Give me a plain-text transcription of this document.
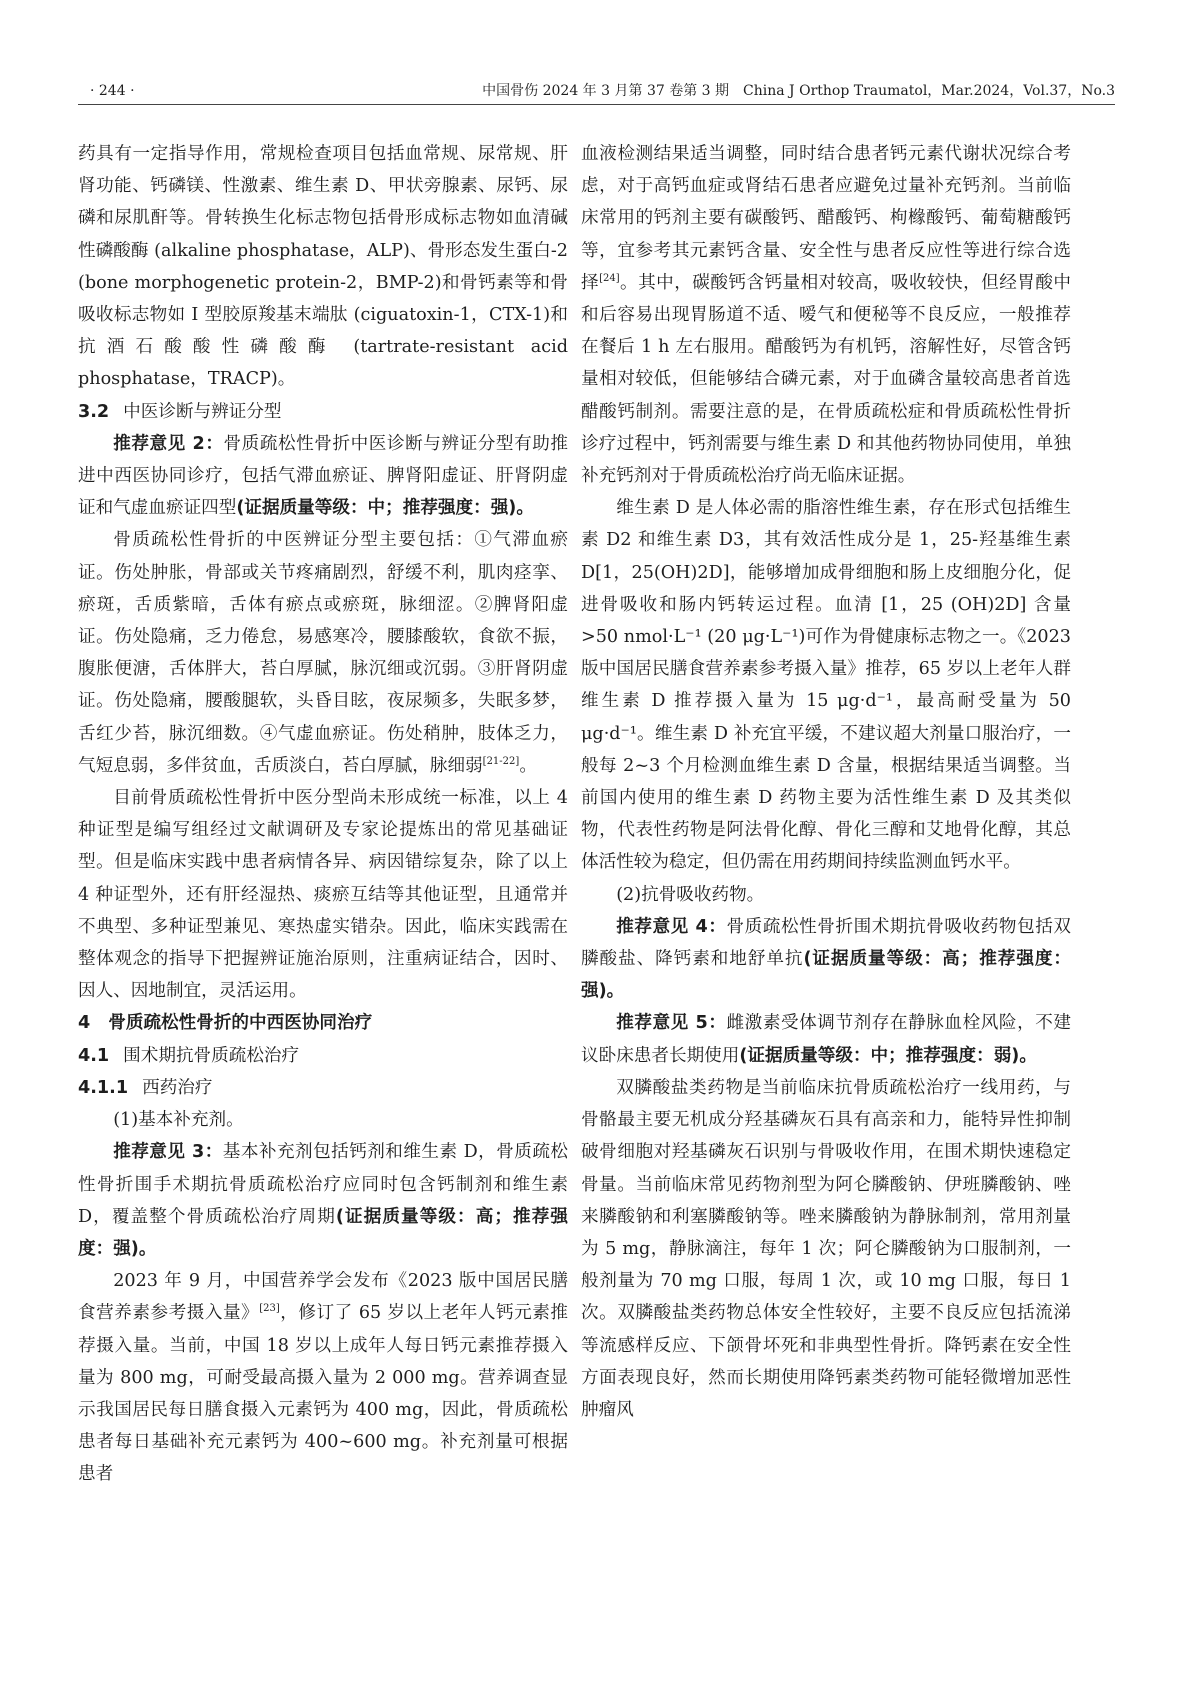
· 244 ·	中国骨伤 2024 年 3 月第 37 卷第 3 期　China J Orthop Traumatol，Mar.2024，Vol.37，No.3

药具有一定指导作用，常规检查项目包括血常规、尿常规、肝肾功能、钙磷镁、性激素、维生素 D、甲状旁腺素、尿钙、尿磷和尿肌酐等。骨转换生化标志物包括骨形成标志物如血清碱性磷酸酶 (alkaline phosphatase，ALP)、骨形态发生蛋白-2 (bone morphogenetic protein-2，BMP-2)和骨钙素等和骨吸收标志物如 Ⅰ 型胶原羧基末端肽 (ciguatoxin-1，CTX-1)和抗酒石酸酸性磷酸酶 (tartrate-resistant acid phosphatase，TRACP)。

3.2 中医诊断与辨证分型

推荐意见 2：骨质疏松性骨折中医诊断与辨证分型有助推进中西医协同诊疗，包括气滞血瘀证、脾肾阳虚证、肝肾阴虚证和气虚血瘀证四型(证据质量等级：中；推荐强度：强)。

骨质疏松性骨折的中医辨证分型主要包括：①气滞血瘀证。伤处肿胀，骨部或关节疼痛剧烈，舒缓不利，肌肉痉挛、瘀斑，舌质紫暗，舌体有瘀点或瘀斑，脉细涩。②脾肾阳虚证。伤处隐痛，乏力倦怠，易感寒冷，腰膝酸软，食欲不振，腹胀便溏，舌体胖大，苔白厚腻，脉沉细或沉弱。③肝肾阴虚证。伤处隐痛，腰酸腿软，头昏目眩，夜尿频多，失眠多梦，舌红少苔，脉沉细数。④气虚血瘀证。伤处稍肿，肢体乏力，气短息弱，多伴贫血，舌质淡白，苔白厚腻，脉细弱[21-22]。

目前骨质疏松性骨折中医分型尚未形成统一标准，以上 4 种证型是编写组经过文献调研及专家论提炼出的常见基础证型。但是临床实践中患者病情各异、病因错综复杂，除了以上 4 种证型外，还有肝经湿热、痰瘀互结等其他证型，且通常并不典型、多种证型兼见、寒热虚实错杂。因此，临床实践需在整体观念的指导下把握辨证施治原则，注重病证结合，因时、因人、因地制宜，灵活运用。

4 骨质疏松性骨折的中西医协同治疗

4.1 围术期抗骨质疏松治疗

4.1.1 西药治疗

(1)基本补充剂。

推荐意见 3：基本补充剂包括钙剂和维生素 D，骨质疏松性骨折围手术期抗骨质疏松治疗应同时包含钙制剂和维生素 D，覆盖整个骨质疏松治疗周期(证据质量等级：高；推荐强度：强)。

2023 年 9 月，中国营养学会发布《2023 版中国居民膳食营养素参考摄入量》[23]，修订了 65 岁以上老年人钙元素推荐摄入量。当前，中国 18 岁以上成年人每日钙元素推荐摄入量为 800 mg，可耐受最高摄入量为 2 000 mg。营养调查显示我国居民每日膳食摄入元素钙为 400 mg，因此，骨质疏松患者每日基础补充元素钙为 400~600 mg。补充剂量可根据患者

血液检测结果适当调整，同时结合患者钙元素代谢状况综合考虑，对于高钙血症或肾结石患者应避免过量补充钙剂。当前临床常用的钙剂主要有碳酸钙、醋酸钙、枸橼酸钙、葡萄糖酸钙等，宜参考其元素钙含量、安全性与患者反应性等进行综合选择[24]。其中，碳酸钙含钙量相对较高，吸收较快，但经胃酸中和后容易出现胃肠道不适、嗳气和便秘等不良反应，一般推荐在餐后 1 h 左右服用。醋酸钙为有机钙，溶解性好，尽管含钙量相对较低，但能够结合磷元素，对于血磷含量较高患者首选醋酸钙制剂。需要注意的是，在骨质疏松症和骨质疏松性骨折诊疗过程中，钙剂需要与维生素 D 和其他药物协同使用，单独补充钙剂对于骨质疏松治疗尚无临床证据。

维生素 D 是人体必需的脂溶性维生素，存在形式包括维生素 D2 和维生素 D3，其有效活性成分是 1，25-羟基维生素 D[1，25(OH)2D]，能够增加成骨细胞和肠上皮细胞分化，促进骨吸收和肠内钙转运过程。血清 [1，25 (OH)2D] 含量 >50 nmol·L⁻¹ (20 μg·L⁻¹)可作为骨健康标志物之一。《2023 版中国居民膳食营养素参考摄入量》推荐，65 岁以上老年人群维生素 D 推荐摄入量为 15 μg·d⁻¹，最高耐受量为 50 μg·d⁻¹。维生素 D 补充宜平缓，不建议超大剂量口服治疗，一般每 2~3 个月检测血维生素 D 含量，根据结果适当调整。当前国内使用的维生素 D 药物主要为活性维生素 D 及其类似物，代表性药物是阿法骨化醇、骨化三醇和艾地骨化醇，其总体活性较为稳定，但仍需在用药期间持续监测血钙水平。

(2)抗骨吸收药物。

推荐意见 4：骨质疏松性骨折围术期抗骨吸收药物包括双膦酸盐、降钙素和地舒单抗(证据质量等级：高；推荐强度：强)。

推荐意见 5：雌激素受体调节剂存在静脉血栓风险，不建议卧床患者长期使用(证据质量等级：中；推荐强度：弱)。

双膦酸盐类药物是当前临床抗骨质疏松治疗一线用药，与骨骼最主要无机成分羟基磷灰石具有高亲和力，能特异性抑制破骨细胞对羟基磷灰石识别与骨吸收作用，在围术期快速稳定骨量。当前临床常见药物剂型为阿仑膦酸钠、伊班膦酸钠、唑来膦酸钠和利塞膦酸钠等。唑来膦酸钠为静脉制剂，常用剂量为 5 mg，静脉滴注，每年 1 次；阿仑膦酸钠为口服制剂，一般剂量为 70 mg 口服，每周 1 次，或 10 mg 口服，每日 1 次。双膦酸盐类药物总体安全性较好，主要不良反应包括流涕等流感样反应、下颌骨坏死和非典型性骨折。降钙素在安全性方面表现良好，然而长期使用降钙素类药物可能轻微增加恶性肿瘤风
